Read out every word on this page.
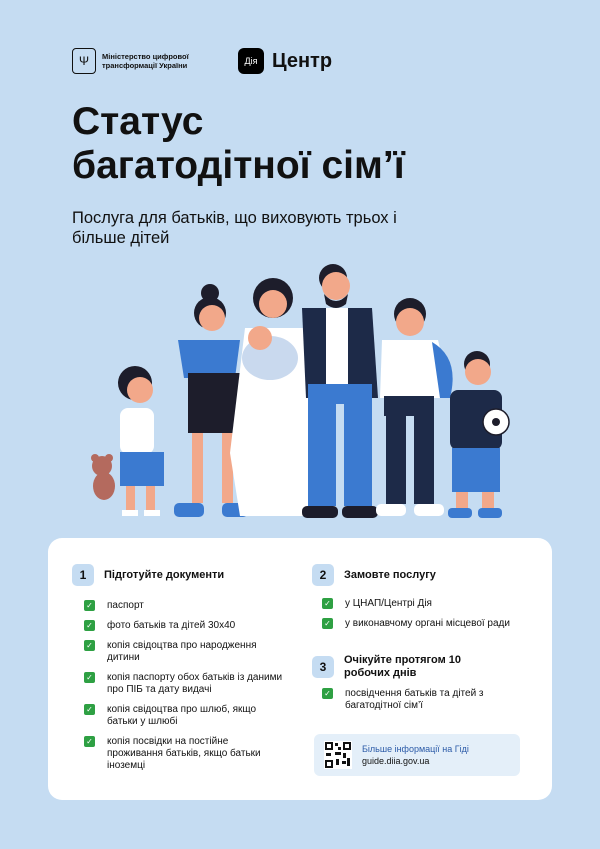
Ψ	Міністерство цифрової трансформації України	Дія Центр
Статус
багатодітної сім’ї
Послуга для батьків, що виховують трьох і більше дітей
1	Підготуйте документи
✓ паспорт
✓ фото батьків та дітей 30х40
✓ копія свідоцтва про народження дитини
✓ копія паспорту обох батьків із даними про ПІБ та дату видачі
✓ копія свідоцтва про шлюб, якщо батьки у шлюбі
✓ копія посвідки на постійне проживання батьків, якщо батьки іноземці
2	Замовте послугу
✓ у ЦНАП/Центрі Дія
✓ у виконавчому органі місцевої ради
3	Очікуйте протягом 10 робочих днів
✓ посвідчення батьків та дітей з багатодітної сім’ї
Більше інформації на Гіді
guide.diia.gov.ua
